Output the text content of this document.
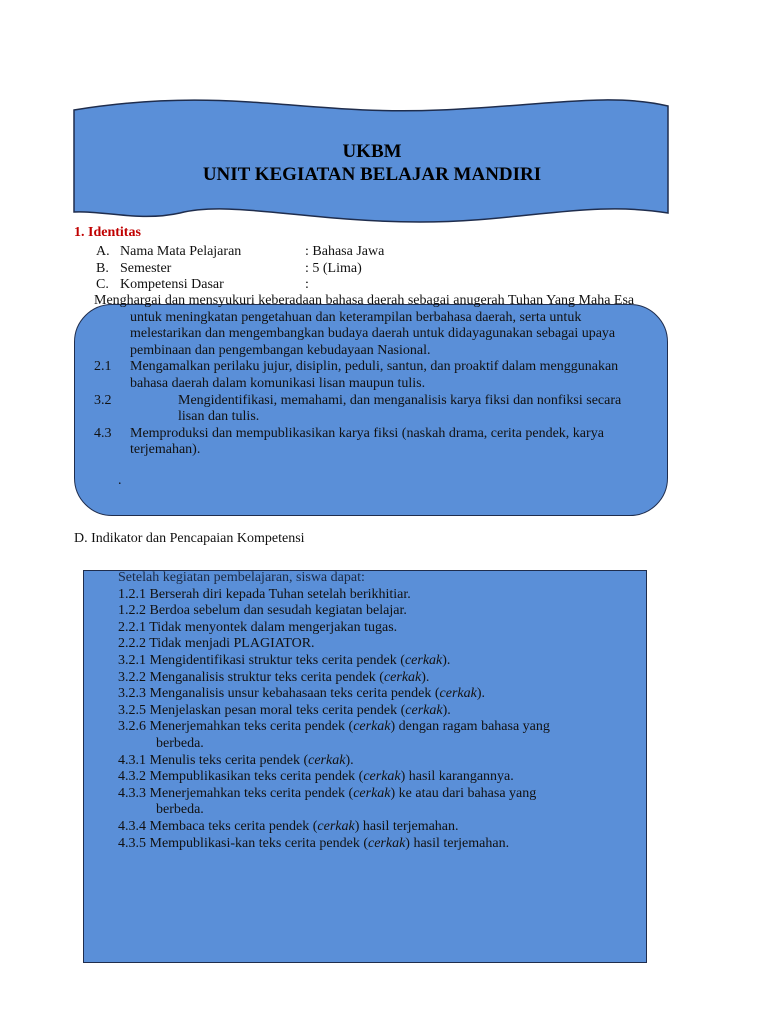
UKBM
UNIT KEGIATAN BELAJAR MANDIRI
1. Identitas
A. Nama Mata Pelajaran	: Bahasa Jawa
B. Semester	: 5 (Lima)
C. Kompetensi Dasar	:

Menghargai dan mensyukuri keberadaan bahasa daerah sebagai anugerah Tuhan Yang Maha Esa untuk meningkatan pengetahuan dan keterampilan berbahasa daerah, serta untuk melestarikan dan mengembangkan budaya daerah untuk didayagunakan sebagai upaya pembinaan dan pengembangan kebudayaan Nasional.

2.1 Mengamalkan perilaku jujur, disiplin, peduli, santun, dan proaktif dalam menggunakan bahasa daerah dalam komunikasi lisan maupun tulis.

3.2	Mengidentifikasi, memahami, dan menganalisis karya fiksi dan nonfiksi secara lisan dan tulis.

4.3 Memproduksi dan mempublikasikan karya fiksi (naskah drama, cerita pendek, karya terjemahan).

.

D. Indikator dan Pencapaian Kompetensi

Setelah kegiatan pembelajaran, siswa dapat:

1.2.1 Berserah diri kepada Tuhan setelah berikhitiar.

1.2.2 Berdoa sebelum dan sesudah kegiatan belajar.

2.2.1 Tidak menyontek dalam mengerjakan tugas.

2.2.2 Tidak menjadi PLAGIATOR.

3.2.1 Mengidentifikasi struktur teks cerita pendek (cerkak).

3.2.2 Menganalisis struktur teks cerita pendek (cerkak).

3.2.3 Menganalisis unsur kebahasaan teks cerita pendek (cerkak).

3.2.5 Menjelaskan pesan moral teks cerita pendek (cerkak).

3.2.6 Menerjemahkan teks cerita pendek (cerkak) dengan ragam bahasa yang

berbeda.

4.3.1 Menulis teks cerita pendek (cerkak).

4.3.2 Mempublikasikan teks cerita pendek (cerkak) hasil karangannya.

4.3.3 Menerjemahkan teks cerita pendek (cerkak) ke atau dari bahasa yang

berbeda.

4.3.4 Membaca teks cerita pendek (cerkak) hasil terjemahan.

4.3.5 Mempublikasi-kan teks cerita pendek (cerkak) hasil terjemahan.
